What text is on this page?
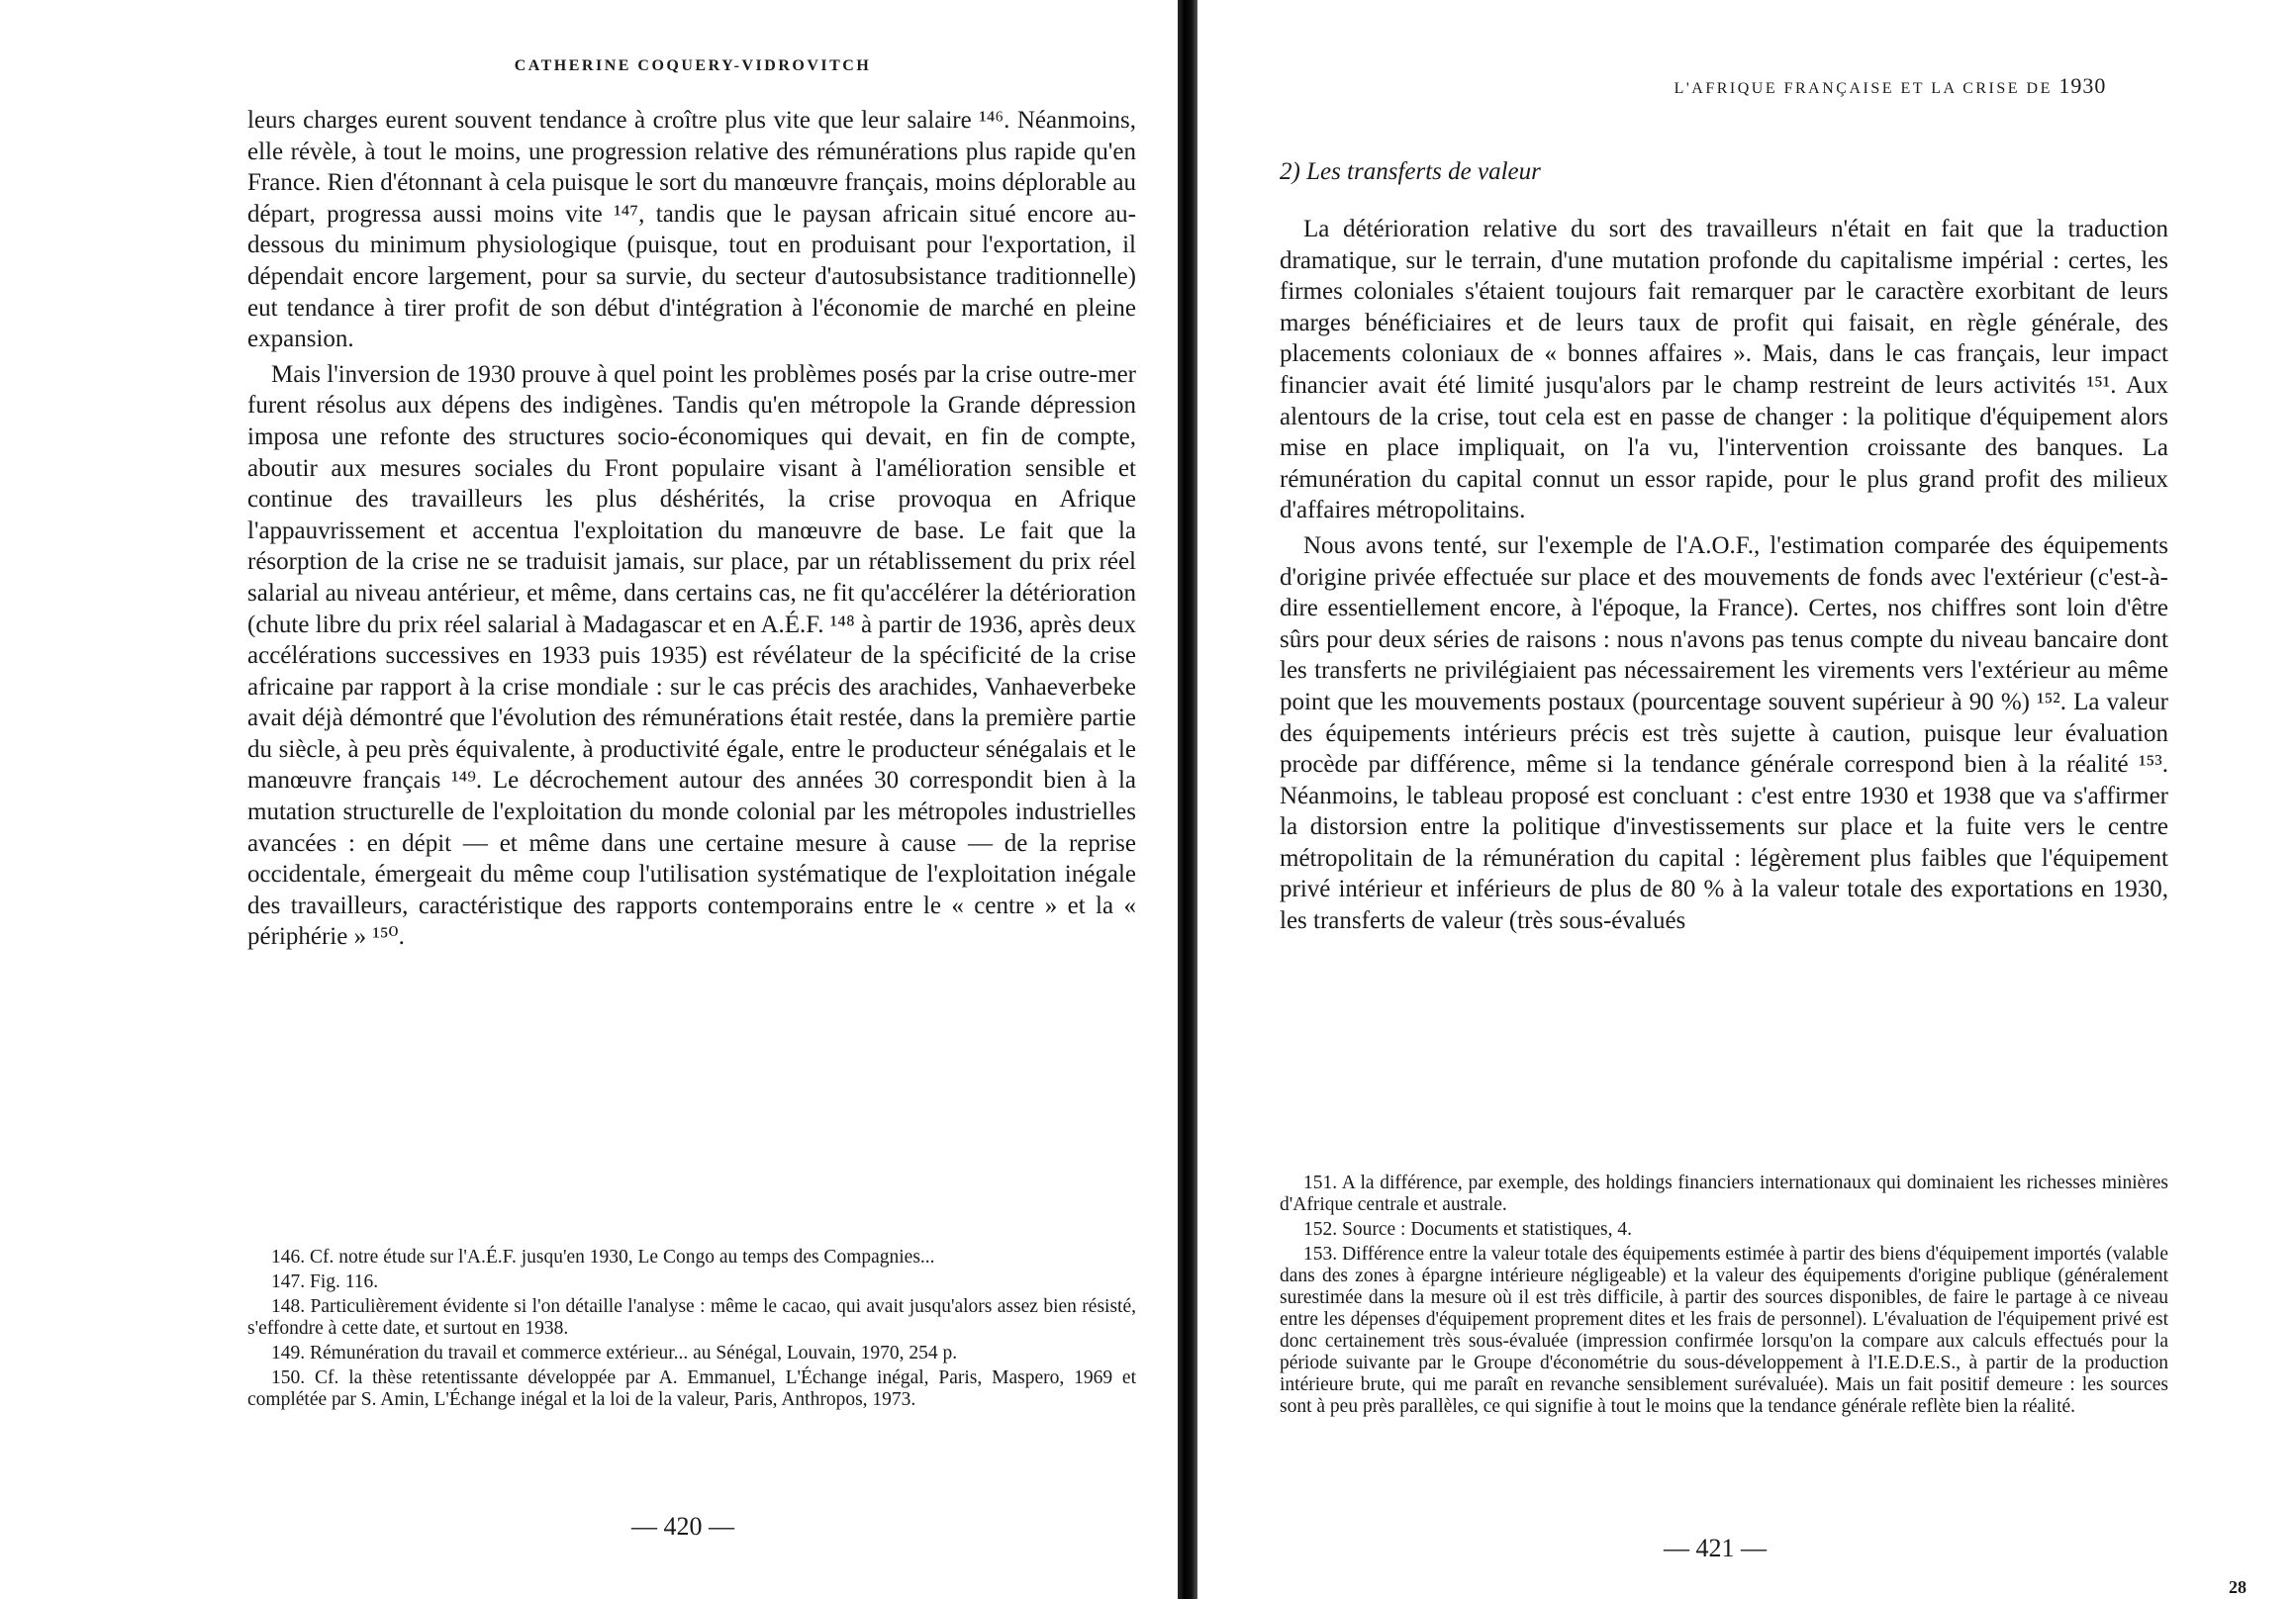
CATHERINE COQUERY-VIDROVITCH

leurs charges eurent souvent tendance à croître plus vite que leur salaire ¹⁴⁶. Néanmoins, elle révèle, à tout le moins, une progression relative des rémunérations plus rapide qu'en France. Rien d'étonnant à cela puisque le sort du manœuvre français, moins déplorable au départ, progressa aussi moins vite ¹⁴⁷, tandis que le paysan africain situé encore au-dessous du minimum physiologique (puisque, tout en produisant pour l'exportation, il dépendait encore largement, pour sa survie, du secteur d'autosubsistance traditionnelle) eut tendance à tirer profit de son début d'intégration à l'économie de marché en pleine expansion.

Mais l'inversion de 1930 prouve à quel point les problèmes posés par la crise outre-mer furent résolus aux dépens des indigènes. Tandis qu'en métropole la Grande dépression imposa une refonte des structures socio-économiques qui devait, en fin de compte, aboutir aux mesures sociales du Front populaire visant à l'amélioration sensible et continue des travailleurs les plus déshérités, la crise provoqua en Afrique l'appauvrissement et accentua l'exploitation du manœuvre de base. Le fait que la résorption de la crise ne se traduisit jamais, sur place, par un rétablissement du prix réel salarial au niveau antérieur, et même, dans certains cas, ne fit qu'accélérer la détérioration (chute libre du prix réel salarial à Madagascar et en A.É.F. ¹⁴⁸ à partir de 1936, après deux accélérations successives en 1933 puis 1935) est révélateur de la spécificité de la crise africaine par rapport à la crise mondiale : sur le cas précis des arachides, Vanhaeverbeke avait déjà démontré que l'évolution des rémunérations était restée, dans la première partie du siècle, à peu près équivalente, à productivité égale, entre le producteur sénégalais et le manœuvre français ¹⁴⁹. Le décrochement autour des années 30 correspondit bien à la mutation structurelle de l'exploitation du monde colonial par les métropoles industrielles avancées : en dépit — et même dans une certaine mesure à cause — de la reprise occidentale, émergeait du même coup l'utilisation systématique de l'exploitation inégale des travailleurs, caractéristique des rapports contemporains entre le « centre » et la « périphérie » ¹⁵⁰.

146. Cf. notre étude sur l'A.É.F. jusqu'en 1930, Le Congo au temps des Compagnies...
147. Fig. 116.
148. Particulièrement évidente si l'on détaille l'analyse : même le cacao, qui avait jusqu'alors assez bien résisté, s'effondre à cette date, et surtout en 1938.
149. Rémunération du travail et commerce extérieur... au Sénégal, Louvain, 1970, 254 p.
150. Cf. la thèse retentissante développée par A. Emmanuel, L'Échange inégal, Paris, Maspero, 1969 et complétée par S. Amin, L'Échange inégal et la loi de la valeur, Paris, Anthropos, 1973.
— 420 —
L'AFRIQUE FRANÇAISE ET LA CRISE DE 1930
2) Les transferts de valeur

La détérioration relative du sort des travailleurs n'était en fait que la traduction dramatique, sur le terrain, d'une mutation profonde du capitalisme impérial : certes, les firmes coloniales s'étaient toujours fait remarquer par le caractère exorbitant de leurs marges bénéficiaires et de leurs taux de profit qui faisait, en règle générale, des placements coloniaux de « bonnes affaires ». Mais, dans le cas français, leur impact financier avait été limité jusqu'alors par le champ restreint de leurs activités ¹⁵¹. Aux alentours de la crise, tout cela est en passe de changer : la politique d'équipement alors mise en place impliquait, on l'a vu, l'intervention croissante des banques. La rémunération du capital connut un essor rapide, pour le plus grand profit des milieux d'affaires métropolitains.

Nous avons tenté, sur l'exemple de l'A.O.F., l'estimation comparée des équipements d'origine privée effectuée sur place et des mouvements de fonds avec l'extérieur (c'est-à-dire essentiellement encore, à l'époque, la France). Certes, nos chiffres sont loin d'être sûrs pour deux séries de raisons : nous n'avons pas tenus compte du niveau bancaire dont les transferts ne privilégiaient pas nécessairement les virements vers l'extérieur au même point que les mouvements postaux (pourcentage souvent supérieur à 90 %) ¹⁵². La valeur des équipements intérieurs précis est très sujette à caution, puisque leur évaluation procède par différence, même si la tendance générale correspond bien à la réalité ¹⁵³. Néanmoins, le tableau proposé est concluant : c'est entre 1930 et 1938 que va s'affirmer la distorsion entre la politique d'investissements sur place et la fuite vers le centre métropolitain de la rémunération du capital : légèrement plus faibles que l'équipement privé intérieur et inférieurs de plus de 80 % à la valeur totale des exportations en 1930, les transferts de valeur (très sous-évalués

151. A la différence, par exemple, des holdings financiers internationaux qui dominaient les richesses minières d'Afrique centrale et australe.
152. Source : Documents et statistiques, 4.
153. Différence entre la valeur totale des équipements estimée à partir des biens d'équipement importés (valable dans des zones à épargne intérieure négligeable) et la valeur des équipements d'origine publique (généralement surestimée dans la mesure où il est très difficile, à partir des sources disponibles, de faire le partage à ce niveau entre les dépenses d'équipement proprement dites et les frais de personnel). L'évaluation de l'équipement privé est donc certainement très sous-évaluée (impression confirmée lorsqu'on la compare aux calculs effectués pour la période suivante par le Groupe d'économétrie du sous-développement à l'I.E.D.E.S., à partir de la production intérieure brute, qui me paraît en revanche sensiblement surévaluée). Mais un fait positif demeure : les sources sont à peu près parallèles, ce qui signifie à tout le moins que la tendance générale reflète bien la réalité.
— 421 —
28
